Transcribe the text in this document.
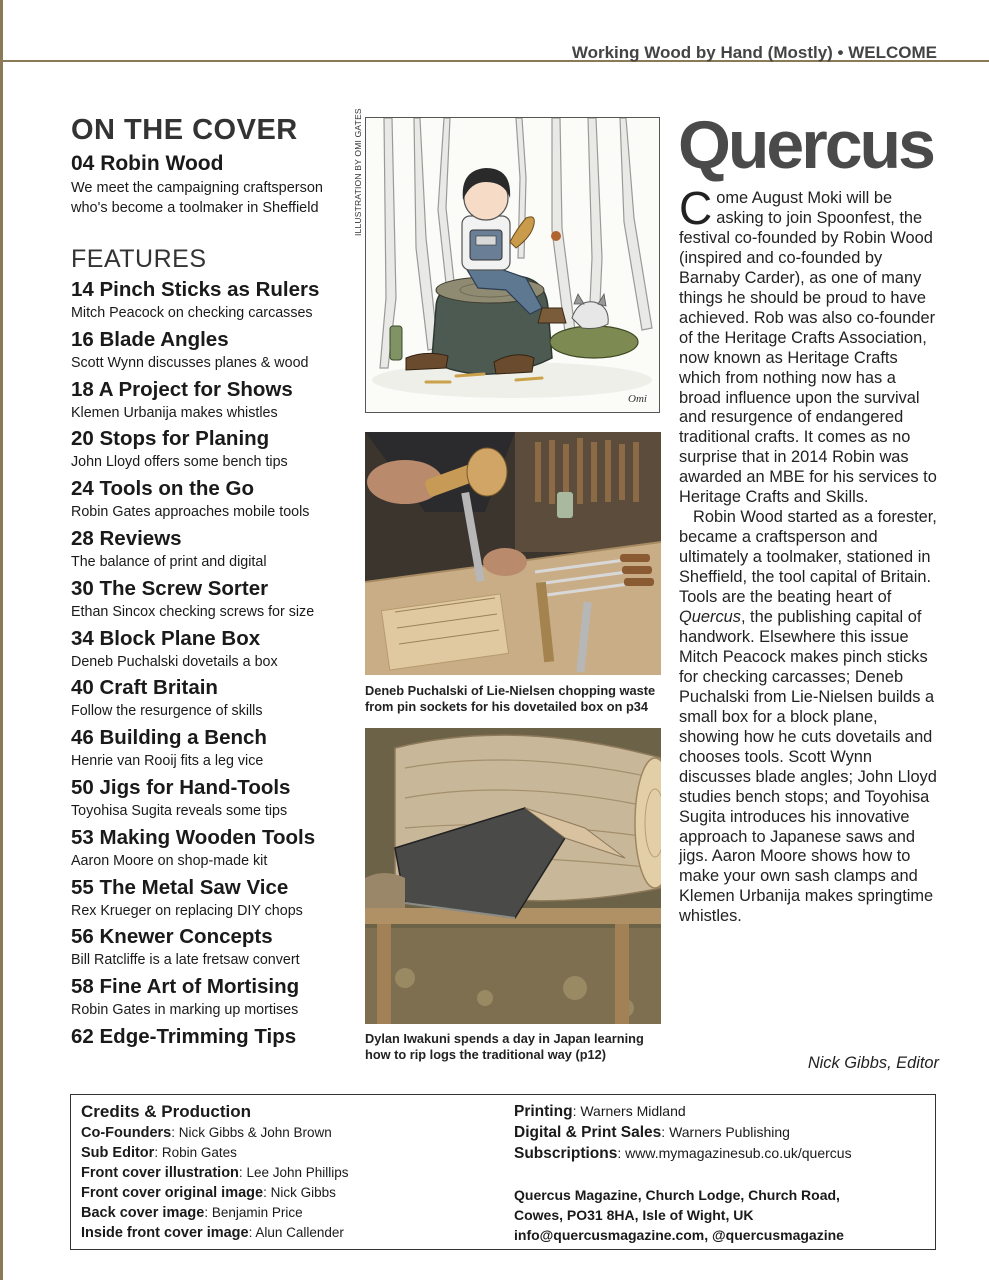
Working Wood by Hand (Mostly) • WELCOME
ON THE COVER
04 Robin Wood
We meet the campaigning craftsperson who's become a toolmaker in Sheffield
FEATURES
14 Pinch Sticks as Rulers
Mitch Peacock on checking carcasses
16 Blade Angles
Scott Wynn discusses planes & wood
18 A Project for Shows
Klemen Urbanija makes whistles
20 Stops for Planing
John Lloyd offers some bench tips
24 Tools on the Go
Robin Gates approaches mobile tools
28 Reviews
The balance of print and digital
30 The Screw Sorter
Ethan Sincox checking screws for size
34 Block Plane Box
Deneb Puchalski dovetails a box
40 Craft Britain
Follow the resurgence of skills
46 Building a Bench
Henrie van Rooij fits a leg vice
50 Jigs for Hand-Tools
Toyohisa Sugita reveals some tips
53 Making Wooden Tools
Aaron Moore on shop-made kit
55 The Metal Saw Vice
Rex Krueger on replacing DIY chops
56 Knewer Concepts
Bill Ratcliffe is a late fretsaw convert
58 Fine Art of Mortising
Robin Gates in marking up mortises
62 Edge-Trimming Tips
ILLUSTRATION BY OMI GATES
Omi
Deneb Puchalski of Lie-Nielsen chopping waste from pin sockets for his dovetailed box on p34
Dylan Iwakuni spends a day in Japan learning how to rip logs the traditional way (p12)
Quercus

Come August Moki will be asking to join Spoonfest, the festival co-founded by Robin Wood (inspired and co-founded by Barnaby Carder), as one of many things he should be proud to have achieved. Rob was also co-founder of the Heritage Crafts Association, now known as Heritage Crafts which from nothing now has a broad influence upon the survival and resurgence of endangered traditional crafts. It comes as no surprise that in 2014 Robin was awarded an MBE for his services to Heritage Crafts and Skills.

Robin Wood started as a forester, became a craftsperson and ultimately a toolmaker, stationed in Sheffield, the tool capital of Britain. Tools are the beating heart of Quercus, the publishing capital of handwork. Elsewhere this issue Mitch Peacock makes pinch sticks for checking carcasses; Deneb Puchalski from Lie-Nielsen builds a small box for a block plane, showing how he cuts dovetails and chooses tools. Scott Wynn discusses blade angles; John Lloyd studies bench stops; and Toyohisa Sugita introduces his innovative approach to Japanese saws and jigs. Aaron Moore shows how to make your own sash clamps and Klemen Urbanija makes springtime whistles.

Nick Gibbs, Editor
Credits & Production
Co-Founders: Nick Gibbs & John Brown
Sub Editor: Robin Gates
Front cover illustration: Lee John Phillips
Front cover original image: Nick Gibbs
Back cover image: Benjamin Price
Inside front cover image: Alun Callender
Printing: Warners Midland
Digital & Print Sales: Warners Publishing
Subscriptions: www.mymagazinesub.co.uk/quercus
Quercus Magazine, Church Lodge, Church Road,
Cowes, PO31 8HA, Isle of Wight, UK
info@quercusmagazine.com, @quercusmagazine
